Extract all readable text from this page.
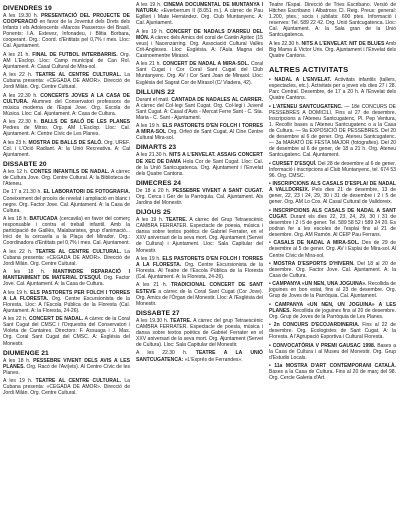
DIVENDRES 19
A les 19.30 h. PRESENTACIÓ DEL PROJECTE DE COOPERACIÓ en favor de la Joventut dels Drets dels Infants i els Adolescents «Marcos Passeros» del Brasil. Ponents: I.A. Estevez, Infonadeu, i Blitia Borbara, cooperant. Org.: Coord. d'Entitats pel 0,7% i mes. Lloc: Cal. Ajuntament.
A les 21 h. FINAL DE FUTBOL INTERBARRIS. Org. AM L'Esclop. Lloc: Camp municipal de Can Rol. Ajuntament. A: Casal Cultural de Mira-sol.
A les 22 h. TEATRE AL CENTRE CULTURAL. La Cubana presenta: «CEGADA DE AMOR». Direcció de Jordi Milán. Org. Centre Cultural.
A les 22.30 h. CONCERTS JOVES A LA CASA DE CULTURA. Alumnes del Conservatori professors de música moderna de l'Espai Jove. Org. Escola de Música. Lloc: Cal. Ajuntament. A: Casa de Cultura.
A les 22.30 h. BALLS DE SALÓ DE LES PLANES Pedres de Mirso. Org. AM L'Esclop. Lloc: Cal. Ajuntament. A: Centre Cívic de Les Planes.
A les 23 h. MOSTRA DE BALLS DE SALÓ. Org. UREF. Col. i L'Oció Radiant. A: la Unió Recreativa. A: Cal Ajuntament.
DISSABTE 20
A les 12 h. CONTES INFANTILS DE NADAL. A càrrec de Cultura Jove. Org. Centre Cultural. A: la Biblioteca de l'Ateneu.
De 17 a 21.30 h. EL LABORATORI DE FOTOGRAFIA. Coneixement del procés de revelat i ampliació en blanc i negre. Org. Factor Jove. Cal. Ajuntament. A: la Casa de Cultura.
A les 18 h. BATUCADA (cercavila) en favor del comerç responsable i contra el treball infantil. Amb la participació de Gaillès, Malabaristes, grup d'animació... Inici de la cercavila a la Plaça del Mirador. Org.: Coordinadora d'Entitats pel 0,7% i mes. Cal. Ajuntament.
A les 22 h. TEATRE AL CENTRE CULTURAL. La Cubana presenta: «CEGADA DE AMOR». Direcció de Jordi Milán. Org. Centre Cultural.
A les 18 h. MANTINDRE REPARACIÓ I MANTENIMENT DE MATERIAL D'ESQUÍ. Org. Factor Jove. Cal. Ajuntament. A: la Casa de Cultura.
A les 19 h. ELS PASTORETS PER FOLCH I TORRES A LA FLORESTA. Org. Centre Excursionista de la Floresta. Lloc: A l'Escola Pública de la Floresta (Cal. Ajuntament. A: la Floresta, 24-26).
A les 22 h. CONCERT DE NADAL. A càrrec de la Coral Sant Cugat del CMSC i l'Orquestra del Conservatori i Violeta de Cantaires. Directors: F. Assuaga i J. Mas. Org. Coral Sant Cugat del CMSC. A: Església del Monestir.
DIUMENGE 21
A les 18 h. PESSEBRE VIVENT DELS AVIS A LES PLANES. Org. Racó de l'Avi(ets). Al Centre Cívic de les Planes.
A les 19 h. TEATRE AL CENTRE CULTURAL. La Cubana presenta: «CEGADA DE AMOR». Direcció de Jordi Milán. Org. Centre Cultural.
A les 19 h. CINEMA DOCUMENTAL DE MUNTANYA I NATURA: «Everberrum II (8.051 m.). A càrrec de Pau Egilleri i Mate Hernández. Org. Club Muntanyenc. A: Cal. Ajuntament.
A les 19 h. CONCERT DE NADALS D'ARREU DEL MÓN. A càrrec dels Amics del coral de Cantin Apitec (15 veus) i Nacenzarring. Org. Associació Cultural Vallès Crit-Angleses. Lloc: Església. A: l'Aula Magna del Casinoementre Mirasol.
A les 21 h. CONCERT DE NADAL A MIRA-SOL. Coral Sant Cugat i Cor Coral Sant Cugat del Club Muntanyenc. Org. AV i Cor Sant Joan de Mirasol. Lloc: Església del Sagrat Cor de Mirasol (C/ Viadera, 42).
DILLUNS 22
Durant el matí. CANTADA DE NADALES AL CARRER. A càrrec del Col·legi Sant Cugat. Org. Col·legi i Juvenil Sant Cugat. A: Casal d'Avis - Mercat Ferre Sant - C. Sta. Maria - C. Sant - Ajuntament.
A les 19 h. ELS PASTORETS D'EN FOLCH I TORRES A MIRA-SOL Org. Orfeó de Sant Cugat. Al Cine Centre Cultural Mira-sol.
DIMARTS 23
A les 21.30 h. NITS A L'ENVELAT. ASSAIG CONCERT DE XEC DE DAMA Hola Cor de Sant Cugat. Lloc: Cal. de la Unió Santcugatenca. Org. Ajuntament i l'Envelat dels Quatre Cantons.
DIMECRES 24
De 18 a 20 h. PESSEBRE VIVENT A SANT CUGAT. Org. Cerca i Ger de la Parròquia. Cal. Ajuntament. Als Jardins del Monestir.
DIJOUS 25
A les 19 h. TEATRE. A càrrec del Grup Tetraescènic CAMBRA FERRATER. Espectacle de poesia, música i dansa sobre textos poètics de Gabriel Ferrater, en el XXV aniversari de la seva mort. Org. Ajuntament (Servei de Cultura) i Ajuntament. Lloc: Sala Capitular del Monestir.
A les 19 h. ELS PASTORETS D'EN FOLCH I TORRES A LA FLORESTA. Org. Centre Excursionista de la Floresta. Al Teatre de l'Escola Pública de la Floresta (Cal. Ajuntament. A: la Floresta, 24-26).
A les 21 h. TRADICIONAL CONCERT DE SANT ESTEVE a càrrec de la Coral Sant Cugat (Cor Jove). Org. Amics de l'Òrgan del Monestir. Lloc: A l'Església del Monestir.
DISSABTE 27
A les 19.30 h. TEATRE. A càrrec del grup Tetraescènic CAMBRA FERRATER. Espectacle de poesia, música i dansa sobre textos poètics de Gabriel Ferrater en el XXV aniversari de la seva mort. Org. Ajuntament (Servei de Cultura). Lloc: Sala Capitular del Monestir.
A les 22.30 h. TEATRE A LA UNIÓ SANTCUGATENCA: «L'Exprés de Ferrandes».
Teatre l'Espai. Direcció de Tries Escribano. Versió de Hitches Escribano i Albatross Cl. Reig. Preus: general: 1.200, ptes.; socis i jubilats: 600 ptes. Informació i reserves: Tel. 589 22 42. Org. Unió Santcugatenca. Lloc: Cal. Ajuntament. A: la Sala gran de la Unió Santcugatenca.
A les 22.30 h. NITS A L'ENVELAT. NIT DE BLUES Amb Big Mama & Victor Uris. Org. Ajuntament i l'Envelat dels Quatre Cantons.
ALTRES ACTIVITATS
• NADAL A L'ENVELAT. Activitats infantils (tallers, espectacles, etc.). Activitats per a joves els dies 27 i 28. Parc Central. Desembre, de 17 a 20 h. A l'Envelat dels Quatre Cantons.
• L'ATENEU SANTCUGATENC. — 18è CONCURS DE PESSEBRES A DOMICILI. Fins al 27 de desembre. Inscripcions a l'Ateneu Santcugatenc, Pl. Pep Ventura, 1. Recollir bases a l'Ateneu Santcugatenc o a la Casa de Cultura. — 9a EXPOSICIÓ DE PESSEBRES. Del 20 de desembre al 6 de gener. Org. Ateneu Santcugatenc. — 3a MARATÓ DE FESTA MAJOR (fotografies). Del 20 de desembre al 6 de gener, de 18 a 21 h. Org. Ateneu Santcugatenc. Cal. Ajuntament.
• CURSET D'ESQUÍ. Del 28 de desembre al 6 de gener. Informació i inscripcions al Club Muntanyenc, tel. 674 53 96. Org. CMSC.
• INSCRIPCIONS ALS CASALS D'ESPLAI DE NADAL A VALLDOREIX. Pels dies 21 de desembre, 13 de gener, 22, 23 i 24, 29, 30 i 31 de desembre i 2 i 5 de gener. Org. AM Lo Cos. Al Casal Cultural de Valldoreix.
• INSCRIPCIONS ALS CASALS DE NADAL A SANT CUGAT. Durant els dies 22, 23, 24, 29, 30 i 31 de desembre i 2 i 5 de gener. Tel. 589 58 52 i 589 24 20. Es podran fer a les escoles de l'esplai fins al 21 de desembre. Org. AM Ramón. Al CEIP Pau Ferrans.
• CASALS DE NADAL A MIRA-SOL. Des de 29 de desembre al 5 de gener. Org. AV i Esplai de Mira-sol. Al Centre Cívic de Mira-sol.
• MOSTRA D'ESPORTS D'HIVERN. Del 18 al 20 de desembre. Org. Factor Jove. Cal. Ajuntament. A: la Casa de Cultura.
• CAMPANYA «UN NEN, UNA JOGUINA». Recollida de joguines en bon estat, fins al 23 de desembre. Org. Grup de Joves de la Parròquia. Cal. Ajuntament.
• CAMPANYA «UN NEN, UN JOGUINA» A LES PLANES. Recollida de joguines fins al 20 de desembre. Org. Grup de Joves de la Parròquia de Les Planes.
• 2n CONCURS D'ECOJARDINERIA. Fins al 22 de desembre. Org. Ecologistes de Sant Cugat. A: la Floresta. A l'Agrupació Esportiva i Cultural Floresta.
• CONVOCATÒRIA V PREMI GAUSAC 1998. Bases a la Casa de Cultura i al Museu del Monestir. Org. Grup d'Estudis Locals.
• 11a MOSTRA D'ART CONTEMPORANI CATALÀ. Bases a la Casa de Cultura. Fins al 20 de març del 98. Org. Cercle Galeria d'Art.
